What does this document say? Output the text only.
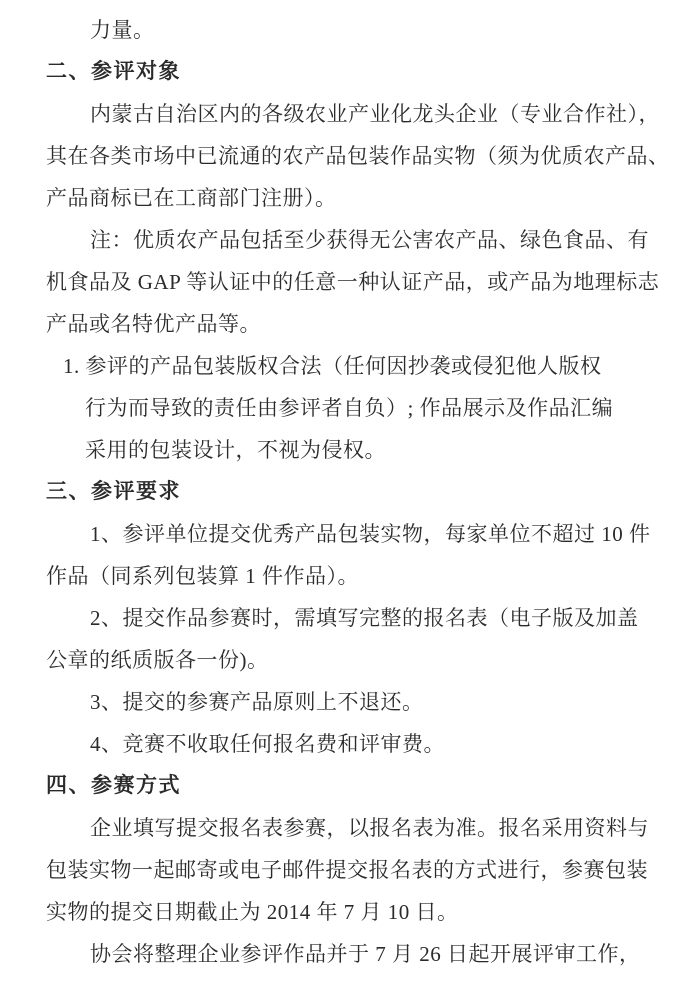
力量。
二、参评对象
内蒙古自治区内的各级农业产业化龙头企业（专业合作社），
其在各类市场中已流通的农产品包装作品实物（须为优质农产品、
产品商标已在工商部门注册）。
注：优质农产品包括至少获得无公害农产品、绿色食品、有
机食品及 GAP 等认证中的任意一种认证产品，或产品为地理标志
产品或名特优产品等。
1. 参评的产品包装版权合法（任何因抄袭或侵犯他人版权
行为而导致的责任由参评者自负）; 作品展示及作品汇编
采用的包装设计，不视为侵权。
三、参评要求
1、参评单位提交优秀产品包装实物，每家单位不超过 10 件
作品（同系列包装算 1 件作品）。
2、提交作品参赛时，需填写完整的报名表（电子版及加盖
公章的纸质版各一份)。
3、提交的参赛产品原则上不退还。
4、竞赛不收取任何报名费和评审费。
四、参赛方式
企业填写提交报名表参赛，以报名表为准。报名采用资料与
包装实物一起邮寄或电子邮件提交报名表的方式进行，参赛包装
实物的提交日期截止为 2014 年 7 月 10 日。
协会将整理企业参评作品并于 7 月 26 日起开展评审工作，
